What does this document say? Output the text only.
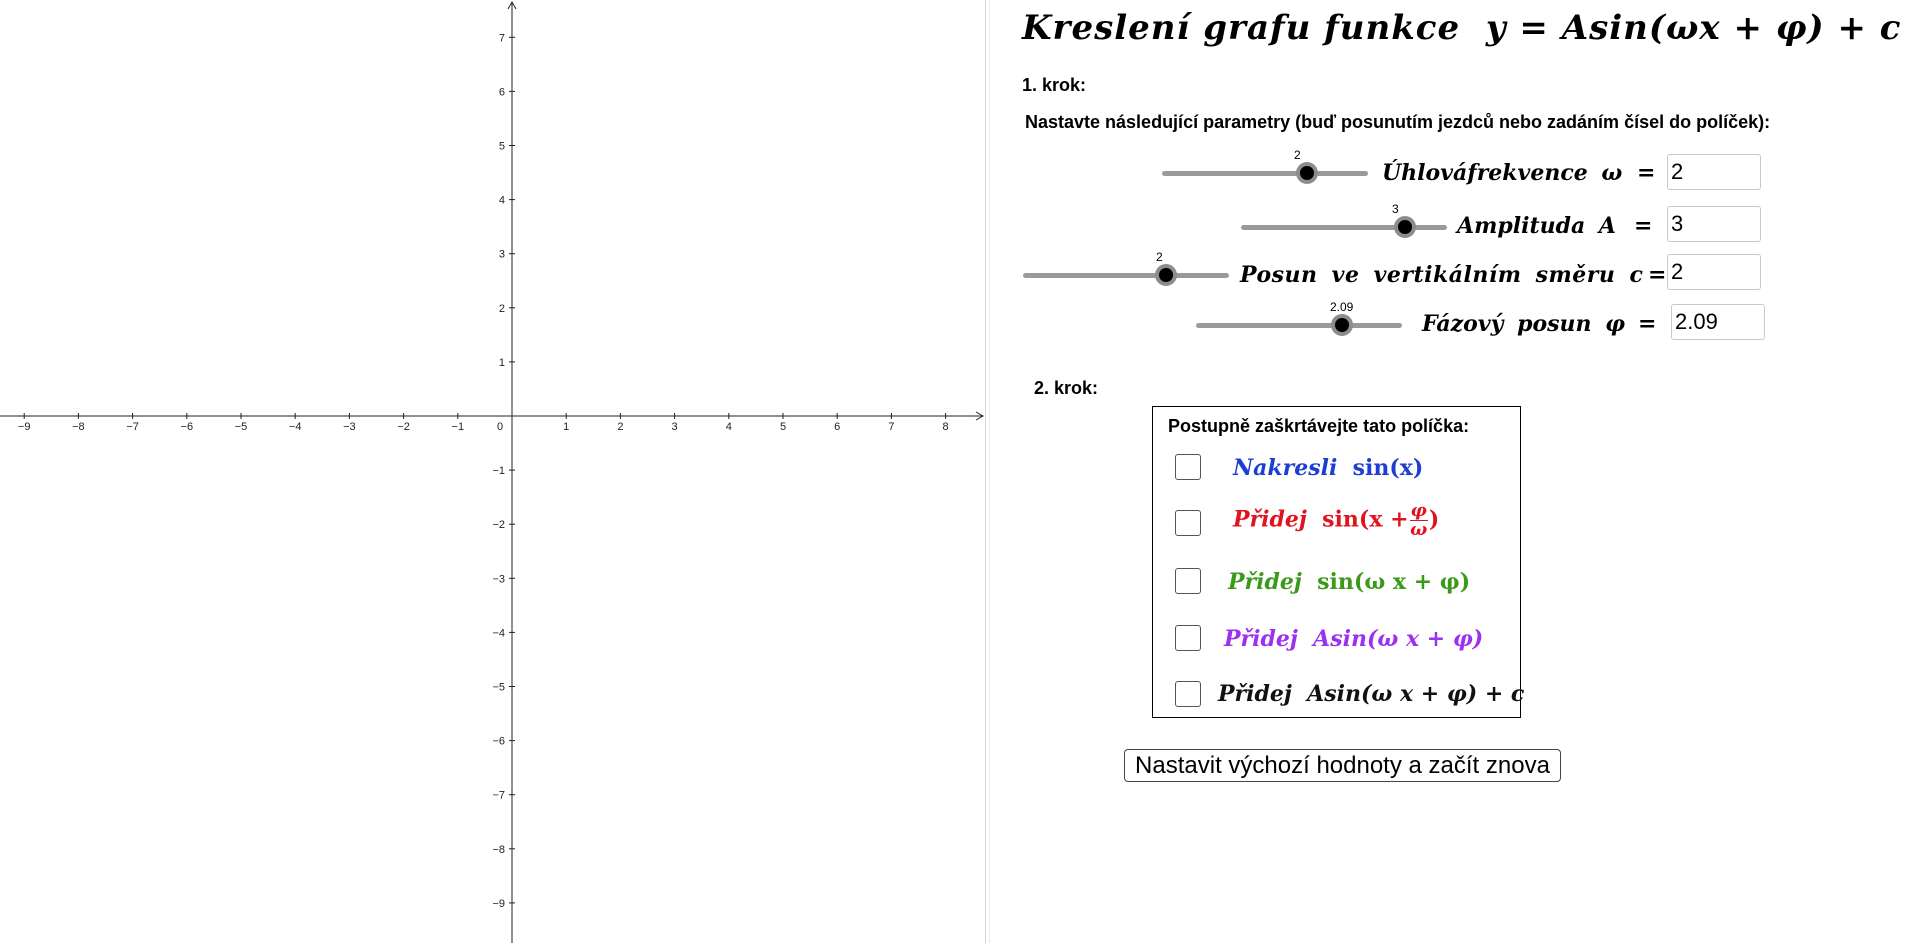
0
−9	−8	−7	−6	−5	−4	−3	−2	−1	1	2	3	4	5	6	7	8
−9
−8
−7
−6
−5
−4
−3
−2
−1
1
2
3
4
5
6
7	Kreslení grafu funkce y = Asin(ωx + φ) + c
1. krok:
Nastavte následující parametry (buď posunutím jezdců nebo zadáním čísel do políček):
2
Úhlováfrekvence ω =
2
3
Amplituda A =
3
2
Posun ve vertikálním směru c =
2
2.09
Fázový posun φ =
2.09
2. krok:
Postupně zaškrtávejte tato políčka:
Nakresli sin(x)
Přidej $\sin(x + \frac{\varphi}{\omega}$ )
Přidej sin(ω x + φ)
Přidej Asin(ω x + φ)
Přidej Asin(ω x + φ) + c
Nastavit výchozí hodnoty a začít znova
